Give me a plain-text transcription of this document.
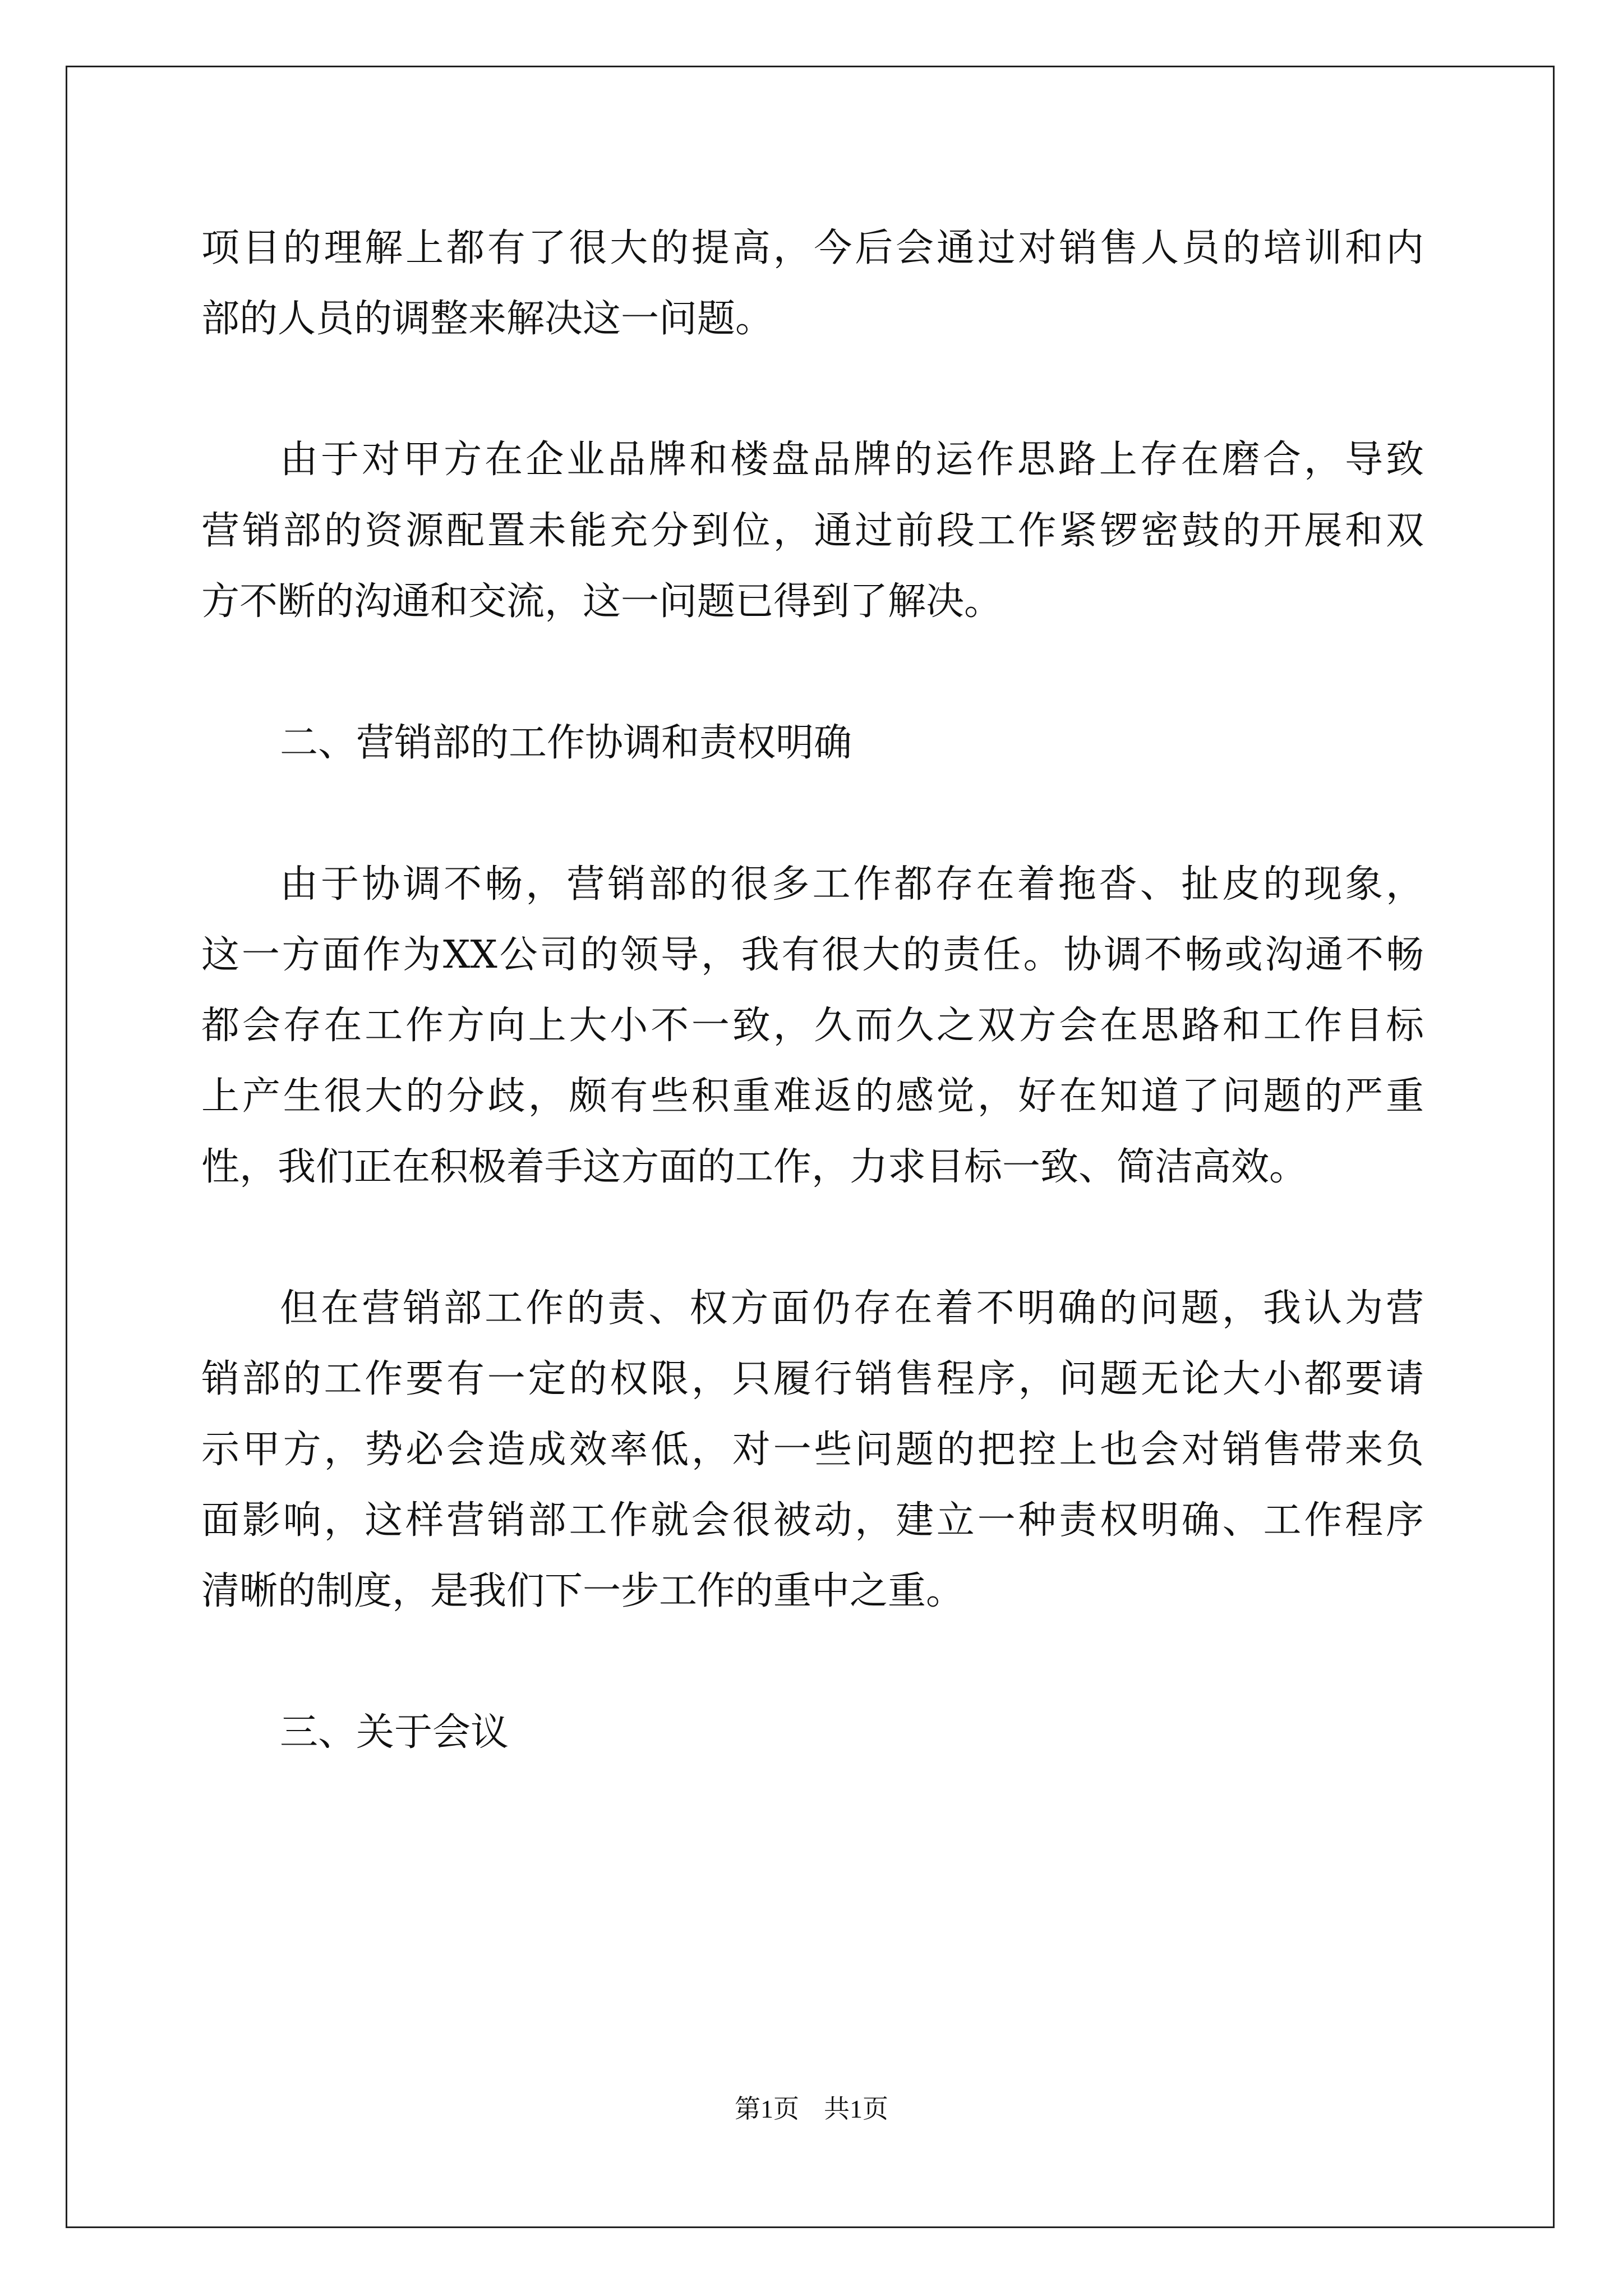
项目的理解上都有了很大的提高，今后会通过对销售人员的培训和内
部的人员的调整来解决这一问题。
由于对甲方在企业品牌和楼盘品牌的运作思路上存在磨合，导致
营销部的资源配置未能充分到位，通过前段工作紧锣密鼓的开展和双
方不断的沟通和交流，这一问题已得到了解决。
二、营销部的工作协调和责权明确
由于协调不畅，营销部的很多工作都存在着拖沓、扯皮的现象，
这一方面作为XX公司的领导，我有很大的责任。协调不畅或沟通不畅
都会存在工作方向上大小不一致，久而久之双方会在思路和工作目标
上产生很大的分歧，颇有些积重难返的感觉，好在知道了问题的严重
性，我们正在积极着手这方面的工作，力求目标一致、简洁高效。
但在营销部工作的责、权方面仍存在着不明确的问题，我认为营
销部的工作要有一定的权限，只履行销售程序，问题无论大小都要请
示甲方，势必会造成效率低，对一些问题的把控上也会对销售带来负
面影响，这样营销部工作就会很被动，建立一种责权明确、工作程序
清晰的制度，是我们下一步工作的重中之重。
三、关于会议
第1页 共1页
